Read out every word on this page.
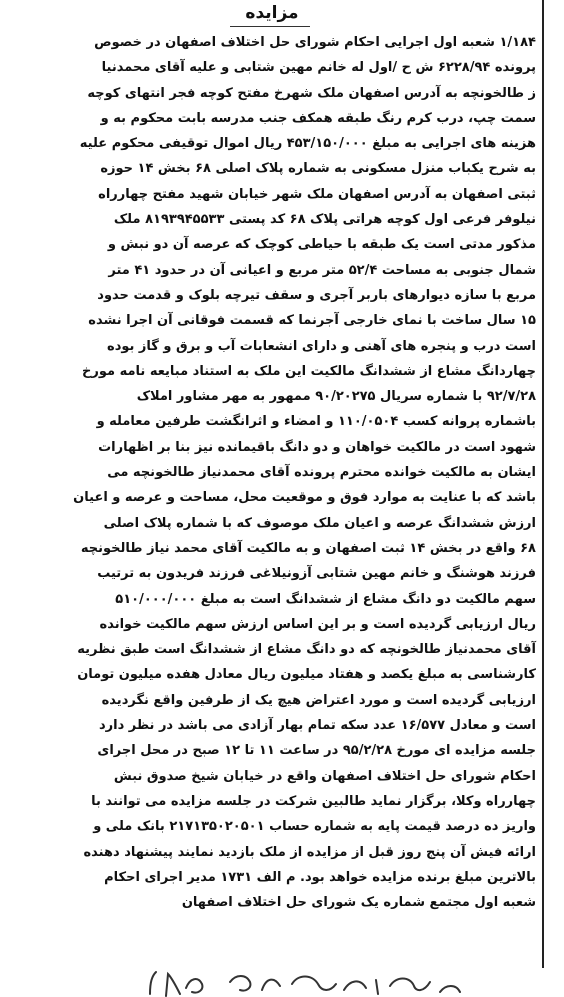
مزایده

۱/۱۸۴ شعبه اول اجرایی احکام شورای حل اختلاف اصفهان در خصوص

پرونده ۶۲۲۸/۹۴ ش ح /اول له خانم مهین شتابی و علیه آقای محمدنیا

ز طالخونچه به آدرس اصفهان ملک شهرخ مفتح کوچه فجر انتهای کوچه

سمت چپ، درب کرم رنگ طبقه همکف جنب مدرسه بابت محکوم به و

هزینه های اجرایی به مبلغ ۴۵۳/۱۵۰/۰۰۰ ریال اموال توقیفی محکوم علیه

به شرح یکباب منزل مسکونی به شماره پلاک اصلی ۶۸ بخش ۱۴ حوزه

ثبتی اصفهان به آدرس اصفهان ملک شهر خیابان شهید مفتح چهارراه

نیلوفر فرعی اول کوچه هراتی پلاک ۶۸ کد پستی ۸۱۹۳۹۴۵۵۳۳ ملک

مذکور مدتی است یک طبقه با حیاطی کوچک که عرصه آن دو نبش و

شمال جنوبی به مساحت ۵۲/۴ متر مربع و اعیانی آن در حدود ۴۱ متر

مربع با سازه دیوارهای باربر آجری و سقف تیرچه بلوک و قدمت حدود

۱۵ سال ساخت با نمای خارجی آجرنما که قسمت فوقانی آن اجرا نشده

است درب و پنجره های آهنی و دارای انشعابات آب و برق و گاز بوده

چهاردانگ مشاع از ششدانگ مالکیت این ملک به استناد مبایعه نامه مورخ

۹۲/۷/۲۸ با شماره سریال ۹۰/۲۰۲۷۵ ممهور به مهر مشاور املاک

باشماره پروانه کسب ۱۱۰/۰۵۰۴ و امضاء و اثرانگشت طرفین معامله و

شهود است در مالکیت خواهان و دو دانگ باقیمانده نیز بنا بر اظهارات

ایشان به مالکیت خوانده محترم پرونده آقای محمدنیاز طالخونچه می

باشد که با عنایت به موارد فوق و موقعیت محل، مساحت و عرصه و اعیان

ارزش ششدانگ عرصه و اعیان ملک موصوف که با شماره پلاک اصلی

۶۸ واقع در بخش ۱۴ ثبت اصفهان و به مالکیت آقای محمد نیاز طالخونچه

فرزند هوشنگ و خانم مهین شتابی آزونیلاغی فرزند فریدون به ترتیب

سهم مالکیت دو دانگ مشاع از ششدانگ است به مبلغ ۵۱۰/۰۰۰/۰۰۰

ریال ارزیابی گردیده است و بر این اساس ارزش سهم مالکیت خوانده

آقای محمدنیاز طالخونچه که دو دانگ مشاع از ششدانگ است طبق نظریه

کارشناسی به مبلغ یکصد و هفتاد میلیون ریال معادل هفده میلیون تومان

ارزیابی گردیده است و مورد اعتراض هیچ یک از طرفین واقع نگردیده

است و معادل ۱۶/۵۷۷ عدد سکه تمام بهار آزادی می باشد در نظر دارد

جلسه مزایده ای مورخ ۹۵/۲/۲۸ در ساعت ۱۱ تا ۱۲ صبح در محل اجرای

احکام شورای حل اختلاف اصفهان واقع در خیابان شیخ صدوق نبش

چهارراه وکلا، برگزار نماید طالبین شرکت در جلسه مزایده می توانند با

واریز ده درصد قیمت پایه به شماره حساب ۲۱۷۱۳۵۰۲۰۵۰۱ بانک ملی و

ارائه فیش آن پنج روز قبل از مزایده از ملک بازدید نمایند پیشنهاد دهنده

بالاترین مبلغ برنده مزایده خواهد بود. م الف ۱۷۳۱ مدیر اجرای احکام

شعبه اول مجتمع شماره یک شورای حل اختلاف اصفهان
